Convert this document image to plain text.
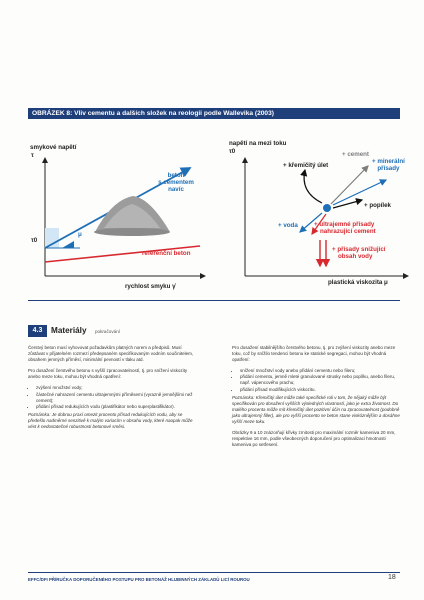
OBRÁZEK 8: Vliv cementu a dalších složek na reologii podle Wallevika (2003)
smykové napětí
τ
τ0
μ
beton
s cementem
navíc
referenční beton
rychlost smyku γ̇
napětí na mezi toku
τ0
+ křemičitý úlet
+ cement
+ minerální
přísady
+ popílek
+ voda	+ ultrajemné přísady
nahrazující cement
+ přísady snižující
obsah vody
plastická viskozita μ
4.3	Materiály pokračování

Čerstvý beton musí vyhovovat požadavkům platných norem a předpisů. Musí zůstávat v přijatelném rozmezí předepsaném specifikovaným vodním součinitelem, obsahem jemných příměsí, minimální pevností v tlaku atd.

Pro dosažení čerstvého betonu s vyšší zpracovatelností, tj. pro snížení viskozity anebo meze toku, mohou být vhodná opatření:

• zvýšení množství vody;
• částečné nahrazení cementu ultrajemnými příměsemi (vyrazně jemnějšími než cement);
• přidání přísad redukujících vodu (plastifikátor nebo superplastifikátor).

Poznámka: Je dobrou praxí omezit procento přísad redukujících vodu, aby se předešlo nadměrné senzitivě k malým variacím v obsahu vody, které naopak může vést k nedostatečné robustnosti betonové směsi.

Pro dosažení stabilnějšího čerstvého betonu, tj. pro zvýšení viskozity anebo meze toku, což by snížilo tendenci betonu ke statické segregaci, mohou být vhodná opatření:

• snížení množství vody anebo přidání cementu nebo fileru;
• přidání cementu, jemně mleté granulované strusky nebo popílku, anebo fileru, např. vápencového prachu;
• přidání přísad modifikujících viskozitu.

Poznámka: Křemičitý úlet může také specifické roli v tom, že nějaký může být specifikován pro dosažení vyšších výsledných vlastností, jako je extra životnost. Do malého procenta může mít křemičitý úlet pozitivní účin na zpracovatelnost (podobně jako ultrajemný filler), ale pro vyšší procento se beton stane viskóznějším a dosáhne vyšší meze toku.

Obrázky 9 a 10 znázorňují křivky zrnitosti pro maximální rozměr kameniva 20 mm, respektive 16 mm, podle všeobecných doporučení pro optimalizaci hmotnosti kameniva po setřesení.

EFFC/DFI PŘÍRUČKA DOPORUČENÉHO POSTUPU PRO BETONÁŽ HLUBINNÝCH ZÁKLADŮ LICÍ ROUROU	18
